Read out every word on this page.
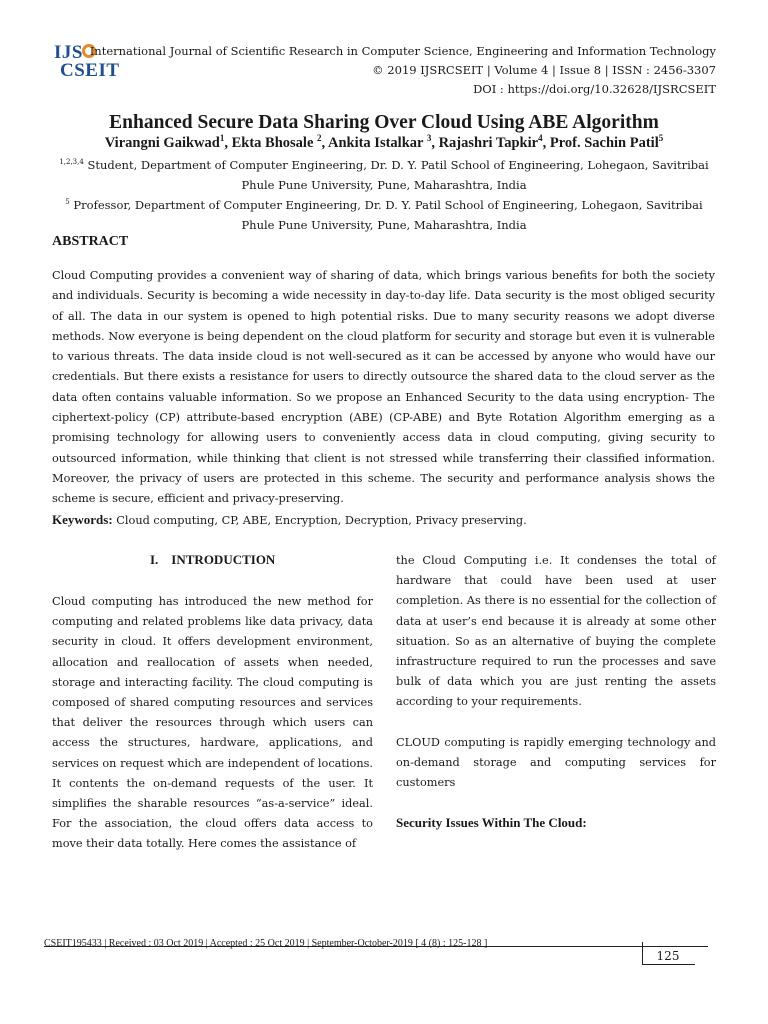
IJS
CSEIT
International Journal of Scientific Research in Computer Science, Engineering and Information Technology
© 2019 IJSRCSEIT | Volume 4 | Issue 8 | ISSN : 2456-3307
DOI : https://doi.org/10.32628/IJSRCSEIT
Enhanced Secure Data Sharing Over Cloud Using ABE Algorithm
Virangni Gaikwad$^1$, Ekta Bhosale $^2$, Ankita Istalkar $^3$, Rajashri Tapkir$^4$, Prof. Sachin Patil$^5$
$^{1,2,3,4}$ Student, Department of Computer Engineering, Dr. D. Y. Patil School of Engineering, Lohegaon, Savitribai
Phule Pune University, Pune, Maharashtra, India
$^5$ Professor, Department of Computer Engineering, Dr. D. Y. Patil School of Engineering, Lohegaon, Savitribai
Phule Pune University, Pune, Maharashtra, India
ABSTRACT
Cloud Computing provides a convenient way of sharing of data, which brings various benefits for both the society and individuals. Security is becoming a wide necessity in day-to-day life. Data security is the most obliged security of all. The data in our system is opened to high potential risks. Due to many security reasons we adopt diverse methods. Now everyone is being dependent on the cloud platform for security and storage but even it is vulnerable to various threats. The data inside cloud is not well-secured as it can be accessed by anyone who would have our credentials. But there exists a resistance for users to directly outsource the shared data to the cloud server as the data often contains valuable information. So we propose an Enhanced Security to the data using encryption- The ciphertext-policy (CP) attribute-based encryption (ABE) (CP-ABE) and Byte Rotation Algorithm emerging as a promising technology for allowing users to conveniently access data in cloud computing, giving security to outsourced information, while thinking that client is not stressed while transferring their classified information. Moreover, the privacy of users are protected in this scheme. The security and performance analysis shows the scheme is secure, efficient and privacy-preserving.
Keywords: Cloud computing, CP, ABE, Encryption, Decryption, Privacy preserving.
I.    INTRODUCTION
Cloud computing has introduced the new method for computing and related problems like data privacy, data security in cloud. It offers development environment, allocation and reallocation of assets when needed, storage and interacting facility. The cloud computing is composed of shared computing resources and services that deliver the resources through which users can access the structures, hardware, applications, and services on request which are independent of locations. It contents the on-demand requests of the user. It simplifies the sharable resources “as-a-service” ideal. For the association, the cloud offers data access to move their data totally. Here comes the assistance of
the Cloud Computing i.e. It condenses the total of hardware that could have been used at user completion. As there is no essential for the collection of data at user’s end because it is already at some other situation. So as an alternative of buying the complete infrastructure required to run the processes and save bulk of data which you are just renting the assets according to your requirements.
CLOUD computing is rapidly emerging technology and on-demand storage and computing services for customers
Security Issues Within The Cloud:
CSEIT195433 | Received : 03 Oct 2019 | Accepted : 25 Oct 2019 | September-October-2019 [ 4 (8) : 125-128 ]
125
